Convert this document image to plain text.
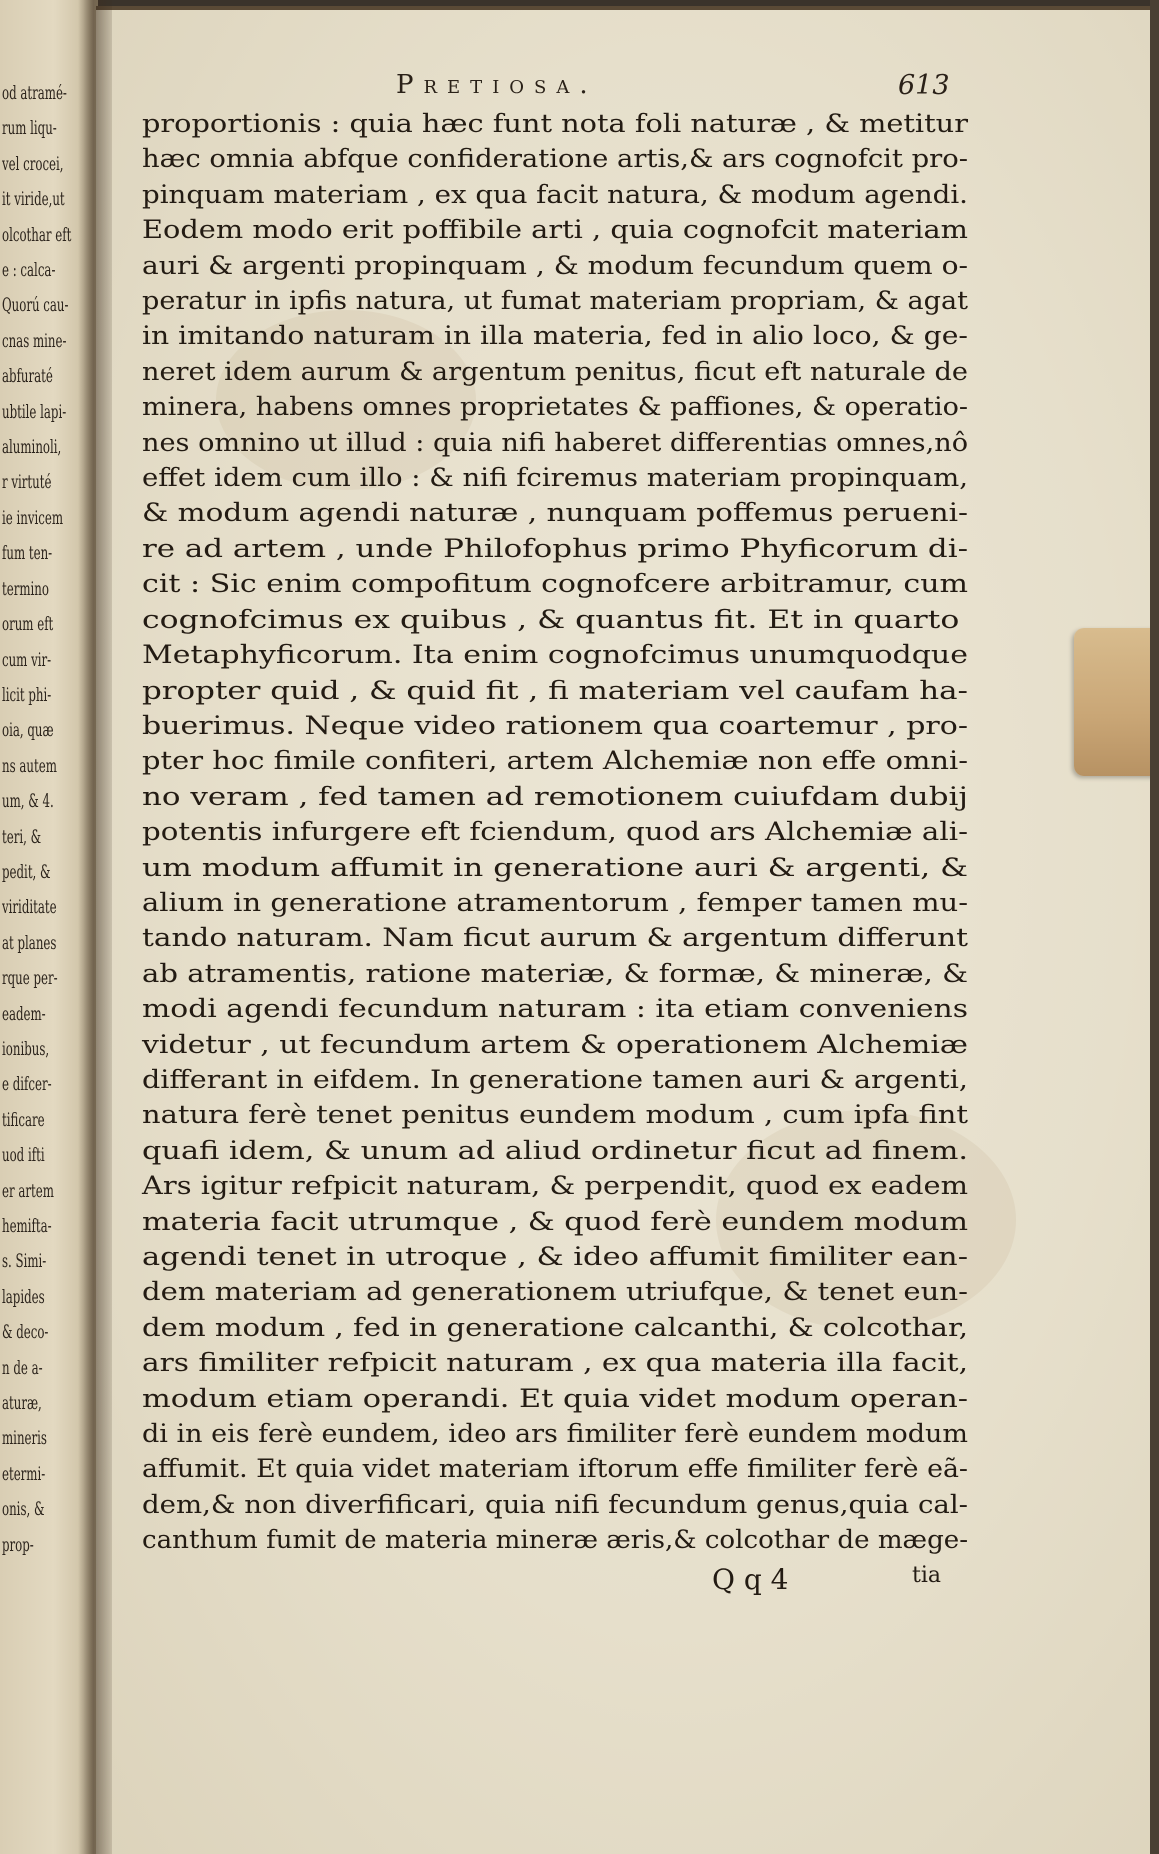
od atramé-
rum liqu-
vel crocei,
it viride,ut
olcothar eft
e : calca-
Quorú cau-
cnas mine-
abfuraté
ubtile lapi-
aluminoli,
r virtuté
ie invicem
fum ten-
termino
orum eft
cum vir-
licit phi-
oia, quæ
ns autem
um, & 4.
teri, &
pedit, &
viriditate
at planes
rque per-
eadem-
ionibus,
e difcer-
tificare
uod ifti
er artem
hemifta-
s. Simi-
lapides
& deco-
n de a-
aturæ,
mineris
etermi-
onis, &
prop-
Pretiosa.	613
proportionis : quia hæc funt nota foli naturæ , & metitur
hæc omnia abfque confideratione artis,& ars cognofcit pro-
pinquam materiam , ex qua facit natura, & modum agendi.
Eodem modo erit poffibile arti , quia cognofcit materiam
auri & argenti propinquam , & modum fecundum quem o-
peratur in ipfis natura, ut fumat materiam propriam, & agat
in imitando naturam in illa materia, fed in alio loco, & ge-
neret idem aurum & argentum penitus, ficut eft naturale de
minera, habens omnes proprietates & paffiones, & operatio-
nes omnino ut illud : quia nifi haberet differentias omnes,nô
effet idem cum illo : & nifi fciremus materiam propinquam,
& modum agendi naturæ , nunquam poffemus perueni-
re ad artem , unde Philofophus primo Phyficorum di-
cit : Sic enim compofitum cognofcere arbitramur, cum
cognofcimus ex quibus , & quantus fit. Et in quarto
Metaphyficorum. Ita enim cognofcimus unumquodque
propter quid , & quid fit , fi materiam vel caufam ha-
buerimus. Neque video rationem qua coartemur , pro-
pter hoc fimile confiteri, artem Alchemiæ non effe omni-
no veram , fed tamen ad remotionem cuiufdam dubij
potentis infurgere eft fciendum, quod ars Alchemiæ ali-
um modum affumit in generatione auri & argenti, &
alium in generatione atramentorum , femper tamen mu-
tando naturam. Nam ficut aurum & argentum differunt
ab atramentis, ratione materiæ, & formæ, & mineræ, &
modi agendi fecundum naturam : ita etiam conveniens
videtur , ut fecundum artem & operationem Alchemiæ
differant in eifdem. In generatione tamen auri & argenti,
natura ferè tenet penitus eundem modum , cum ipfa fint
quafi idem, & unum ad aliud ordinetur ficut ad finem.
Ars igitur refpicit naturam, & perpendit, quod ex eadem
materia facit utrumque , & quod ferè eundem modum
agendi tenet in utroque , & ideo affumit fimiliter ean-
dem materiam ad generationem utriufque, & tenet eun-
dem modum , fed in generatione calcanthi, & colcothar,
ars fimiliter refpicit naturam , ex qua materia illa facit,
modum etiam operandi. Et quia videt modum operan-
di in eis ferè eundem, ideo ars fimiliter ferè eundem modum
affumit. Et quia videt materiam iftorum effe fimiliter ferè eã-
dem,& non diverfificari, quia nifi fecundum genus,quia cal-
canthum fumit de materia mineræ æris,& colcothar de mæge-
Q q 4	tia
